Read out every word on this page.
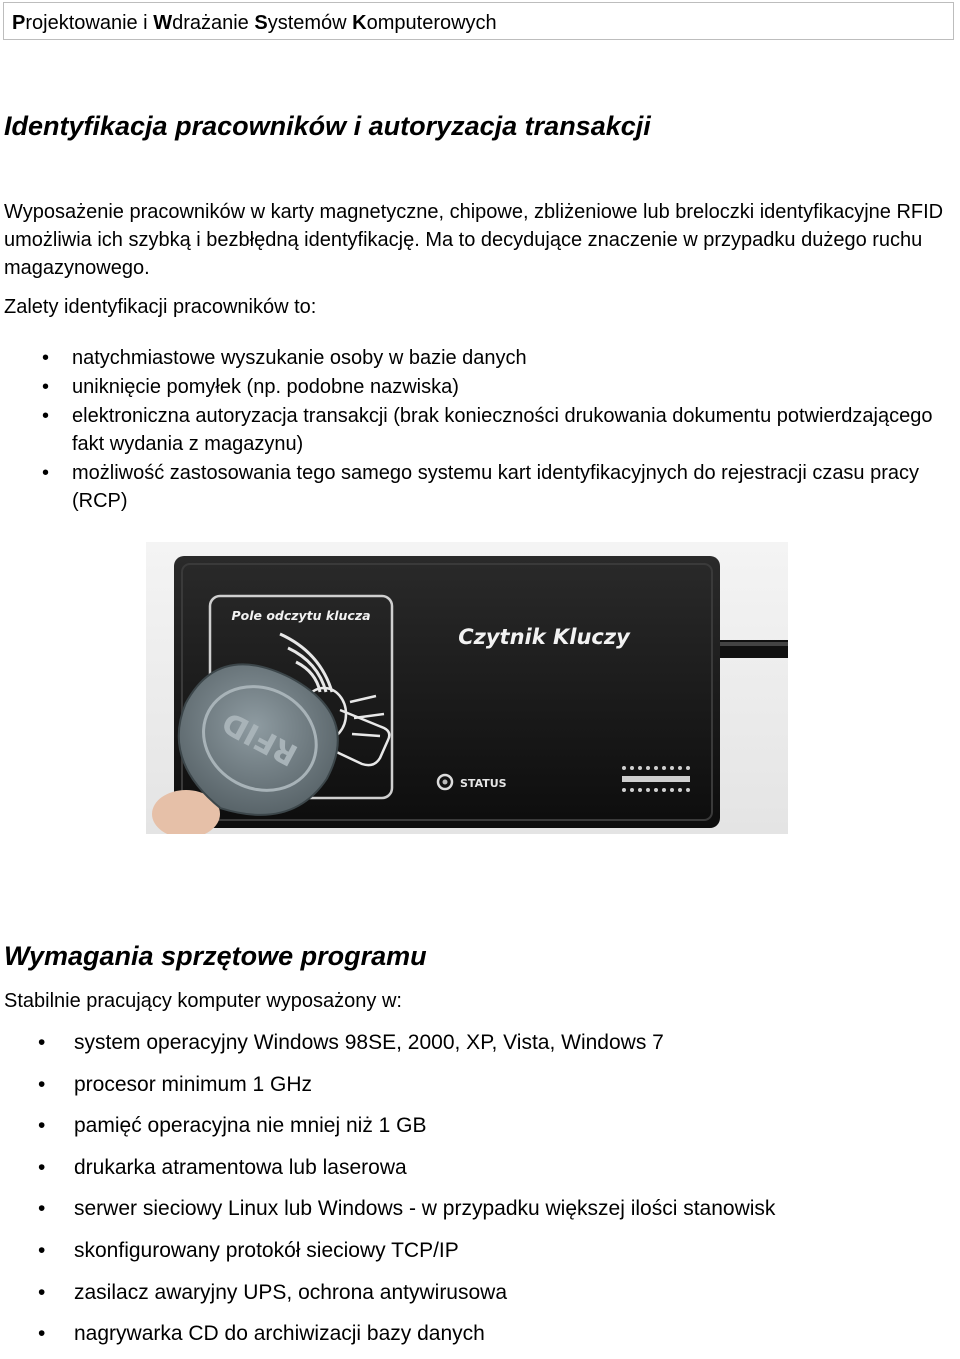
Projektowanie i Wdrażanie Systemów Komputerowych
Identyfikacja pracowników i autoryzacja transakcji

Wyposażenie pracowników w karty magnetyczne, chipowe, zbliżeniowe lub breloczki identyfikacyjne RFID umożliwia ich szybką i bezbłędną identyfikację. Ma to decydujące znaczenie w przypadku dużego ruchu magazynowego.

Zalety identyfikacji pracowników to:

• natychmiastowe wyszukanie osoby w bazie danych
• uniknięcie pomyłek (np. podobne nazwiska)
• elektroniczna autoryzacja transakcji (brak konieczności drukowania dokumentu potwierdzającego fakt wydania z magazynu)
• możliwość zastosowania tego samego systemu kart identyfikacyjnych do rejestracji czasu pracy (RCP)
Pole odczytu klucza
Czytnik Kluczy
STATUS
RFID
Wymagania sprzętowe programu

Stabilnie pracujący komputer wyposażony w:

• system operacyjny Windows 98SE, 2000, XP, Vista, Windows 7
• procesor minimum 1 GHz
• pamięć operacyjna nie mniej niż 1 GB
• drukarka atramentowa lub laserowa
• serwer sieciowy Linux lub Windows - w przypadku większej ilości stanowisk
• skonfigurowany protokół sieciowy TCP/IP
• zasilacz awaryjny UPS, ochrona antywirusowa
• nagrywarka CD do archiwizacji bazy danych
